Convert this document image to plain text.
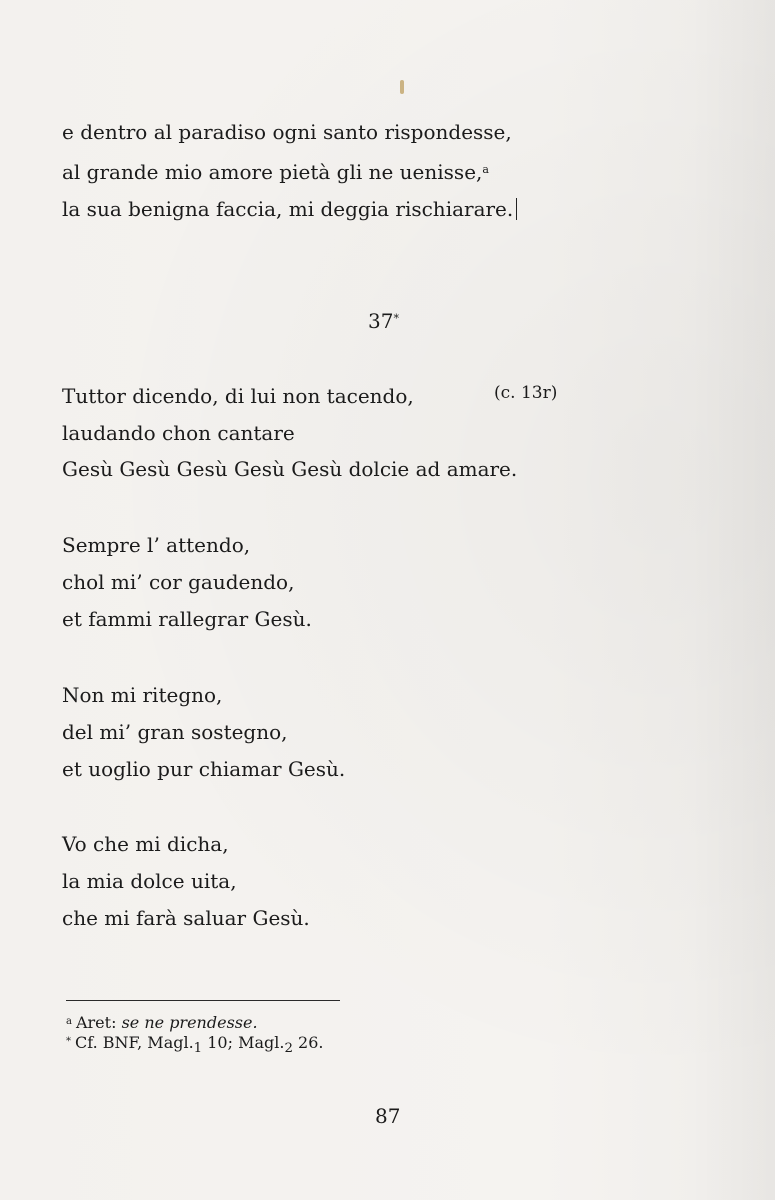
e dentro al paradiso ogni santo rispondesse,
al grande mio amore pietà gli ne uenisse,$^a$
la sua benigna faccia, mi deggia rischiarare.
37*
Tuttor dicendo, di lui non tacendo,	(c. 13r)
laudando chon cantare
Gesù Gesù Gesù Gesù Gesù dolcie ad amare.
Sempre l’ attendo,
chol mi’ cor gaudendo,
et fammi rallegrar Gesù.
Non mi ritegno,
del mi’ gran sostegno,
et uoglio pur chiamar Gesù.
Vo che mi dicha,
la mia dolce uita,
che mi farà saluar Gesù.
$^a$ Aret: se ne prendesse.
* Cf. BNF, $Magl._1$ 10; $Magl._2$ 26.
87
